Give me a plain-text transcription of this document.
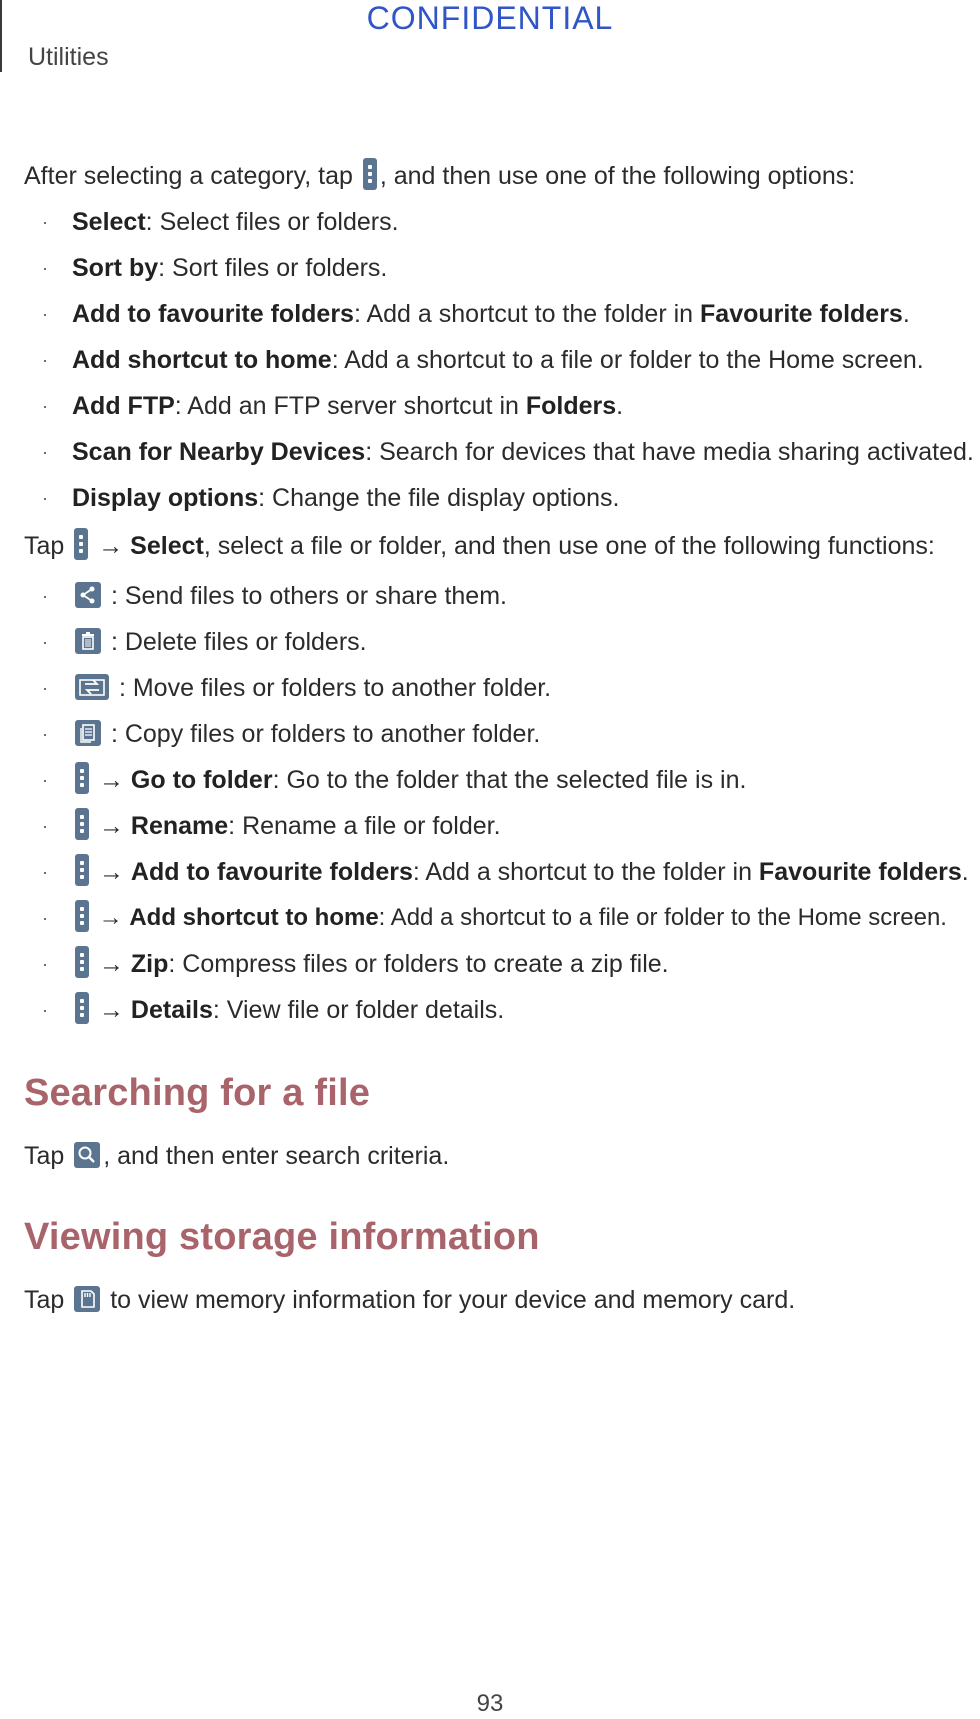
CONFIDENTIAL
Utilities
After selecting a category, tap
, and then use one of the following options:
· Select: Select files or folders.
· Sort by: Sort files or folders.
· Add to favourite folders: Add a shortcut to the folder in Favourite folders.
· Add shortcut to home: Add a shortcut to a file or folder to the Home screen.
· Add FTP: Add an FTP server shortcut in Folders.
· Scan for Nearby Devices: Search for devices that have media sharing activated.
· Display options: Change the file display options.
Tap
→ Select, select a file or folder, and then use one of the following functions:
·	: Send files to others or share them.
·	: Delete files or folders.
·	: Move files or folders to another folder.
·	: Copy files or folders to another folder.
·	→ Go to folder: Go to the folder that the selected file is in.
·	→ Rename: Rename a file or folder.
·	→ Add to favourite folders: Add a shortcut to the folder in Favourite folders.
·	→ Add shortcut to home: Add a shortcut to a file or folder to the Home screen.
·	→ Zip: Compress files or folders to create a zip file.
·	→ Details: View file or folder details.
Searching for a file
Tap
, and then enter search criteria.
Viewing storage information
Tap
to view memory information for your device and memory card.
93
